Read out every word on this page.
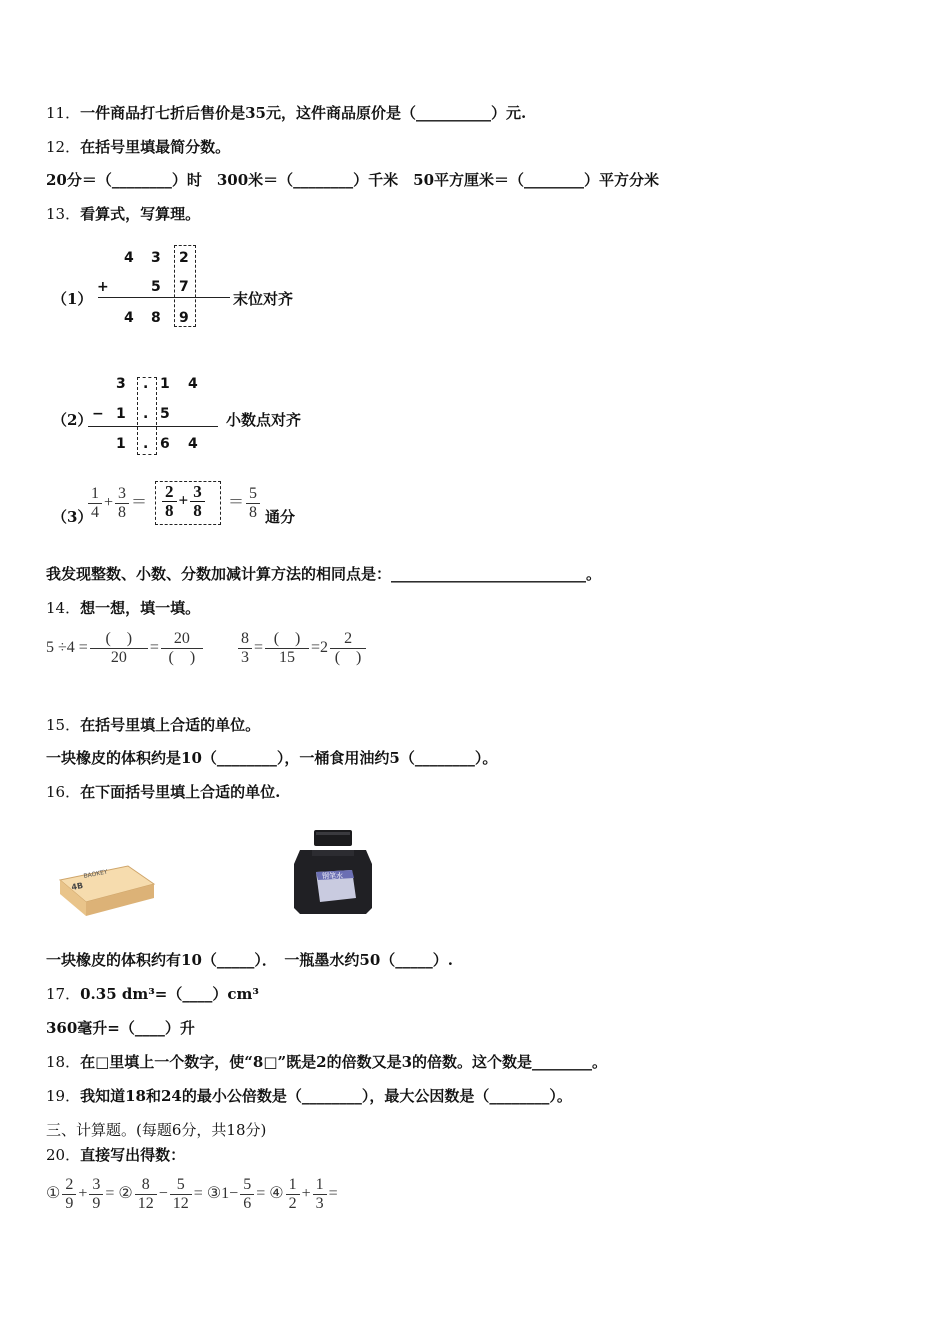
11．一件商品打七折后售价是35元，这件商品原价是（__________）元.
12．在括号里填最简分数。
20分＝（________）时　300米＝（________）千米　50平方厘米＝（________）平方分米
13．看算式，写算理。
（1）
4 3 2
+	5 7
4 8 9
末位对齐
（2）
3 . 1 4
− 1 . 5
1 . 6 4
小数点对齐
（3）
$\frac{1}{4} + \frac{3}{8} = \frac{2}{8} + \frac{3}{8} = \frac{5}{8}$ 通分
我发现整数、小数、分数加减计算方法的相同点是：__________________________。
14．想一想，填一填。
$5 \div 4 = \frac{( )}{20} = \frac{20}{( )} \frac{8}{3} = \frac{( )}{15} =2 \frac{2}{( )}$
15．在括号里填上合适的单位。
一块橡皮的体积约是10（________），一桶食用油约5（________）。
16．在下面括号里填上合适的单位.
BAOKEY
4B
钢笔水
一块橡皮的体积约有10（_____）．　一瓶墨水约50（_____）.
17．0.35 dm³=（____）cm³
360毫升=（____）升
18．在□里填上一个数字，使“8□”既是2的倍数又是3的倍数。这个数是________。
19．我知道18和24的最小公倍数是（________），最大公因数是（________）。
三、计算题。(每题6分，共18分)
20．直接写出得数：
① $\frac{2}{9} + \frac{3}{9}$ = ② $\frac{8}{12} - \frac{5}{12}$ = ③1− $\frac{5}{6}$ = ④ $\frac{1}{2} + \frac{1}{3}$ =
